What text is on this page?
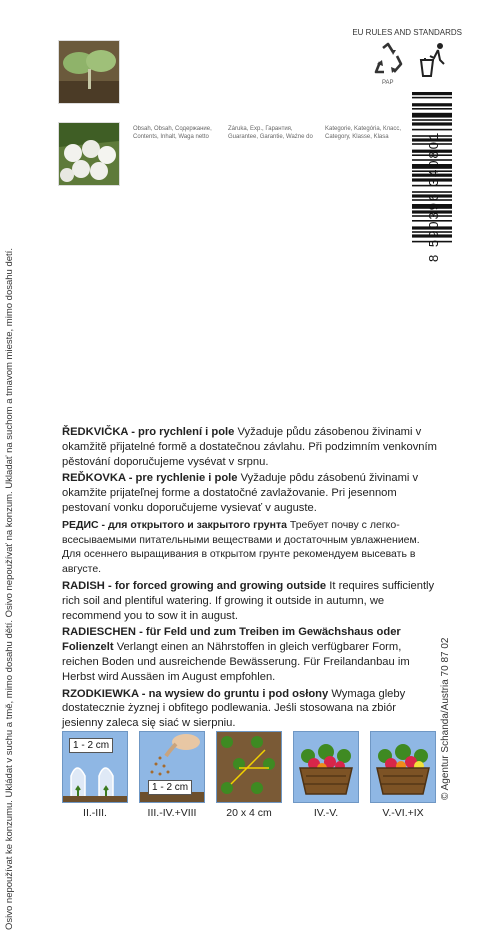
Osivo nepoužívat ke konzumu. Ukládat v suchu a tmě, mimo dosahu dětí. Osivo nepoužívať na konzum. Ukladať na suchom a tmavom mieste, mimo dosahu detí.
Obsah, Obsah, Содержание,
Contents, Inhalt, Waga netto
Záruka, Exp., Гарантия,
Guarantee, Garantie, Ważne do
Kategorie, Kategória, Класс,
Category, Klasse, Klasa
EU RULES AND STANDARDS
PAP
8 590396 340801

ŘEDKVIČKA - pro rychlení i pole Vyžaduje půdu zásobenou živinami v okamžitě přijatelné formě a dostatečnou závlahu. Při podzimním venkovním pěstování doporučujeme vysévat v srpnu.

REĎKOVKA - pre rychlenie i pole Vyžaduje pôdu zásobenú živinami v okamžite prijateľnej forme a dostatočné zavlažovanie. Pri jesennom pestovaní vonku doporučujeme vysievať v auguste.

РЕДИС - для открытого и закрытого грунта Требует почву с легковсесываемыми питательными веществами и достаточным увлажнением. Для осеннего выращивания в открытом грунте рекомендуем высевать в августе.

RADISH - for forced growing and growing outside It requires sufficiently rich soil and plentiful watering. If growing it outside in autumn, we recommend you to sow it in august.

RADIESCHEN - für Feld und zum Treiben im Gewächshaus oder Folienzelt Verlangt einen an Nährstoffen in gleich verfügbarer Form, reichen Boden und ausreichende Bewässerung. Für Freilandanbau im Herbst wird Aussäen im August empfohlen.

RZODKIEWKA - na wysiew do gruntu i pod osłony Wymaga gleby dostatecznie żyznej i obfitego podlewania. Jeśli stosowana na zbiór jesienny zaleca się siać w sierpniu.

1 - 2 cm
II.-III.
1 - 2 cm
III.-IV.+VIII	20 x 4 cm	IV.-V.	V.-VI.+IX
© Agentur Schanda/Austria 70 87 02
